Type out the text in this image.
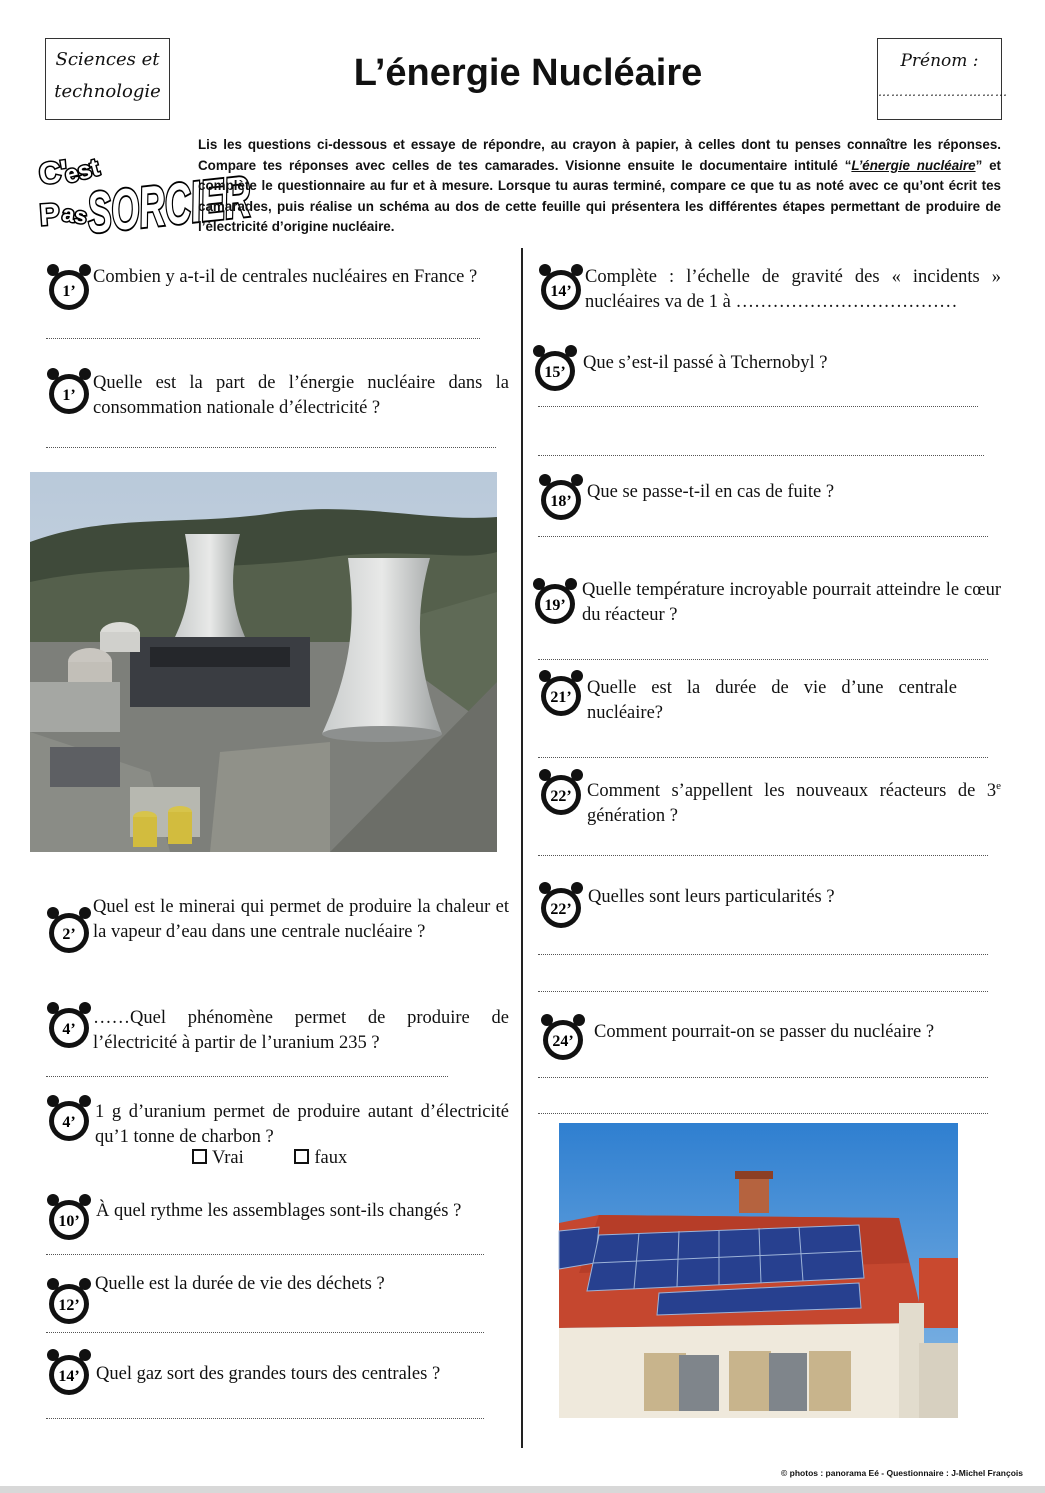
Sciences et
technologie	L’énergie Nucléaire	Prénom :
…………………………
C'
est
P as
SORCIER
Lis les questions ci-dessous et essaye de répondre, au crayon à papier, à celles dont tu penses connaître les réponses. Compare tes réponses avec celles de tes camarades. Visionne ensuite le documentaire intitulé “L’énergie nucléaire” et complète le questionnaire au fur et à mesure. Lorsque tu auras terminé, compare ce que tu as noté avec ce qu’ont écrit tes camarades, puis réalise un schéma au dos de cette feuille qui présentera les différentes étapes permettant de produire de l’électricité d’origine nucléaire.
1’
Combien y a-t-il de centrales nucléaires en France ?
1’
Quelle est la part de l’énergie nucléaire dans la consommation nationale d’électricité ?
2’
Quel est le minerai qui permet de produire la chaleur et la vapeur d’eau dans une centrale nucléaire ?
4’
……Quel phénomène permet de produire de l’électricité à partir de l’uranium 235 ?
4’
1 g d’uranium permet de produire autant d’électricité qu’1 tonne de charbon ?
Vrai	faux
10’
À quel rythme les assemblages sont-ils changés ?
12’
Quelle est la durée de vie des déchets ?
14’ Quel gaz sort des grandes tours des centrales ?
14’
Complète : l’échelle de gravité des « incidents » nucléaires va de 1 à ………………………………
15’ Que s’est-il passé à Tchernobyl ?
18’ Que se passe-t-il en cas de fuite ?
19’
Quelle température incroyable pourrait atteindre le cœur du réacteur ?
21’ Quelle est la durée de vie d’une centrale nucléaire?
22’ Comment s’appellent les nouveaux réacteurs de 3e génération ?
22’
Quelles sont leurs particularités ?
24’ Comment pourrait-on se passer du nucléaire ?
© photos : panorama Eé - Questionnaire : J-Michel François
